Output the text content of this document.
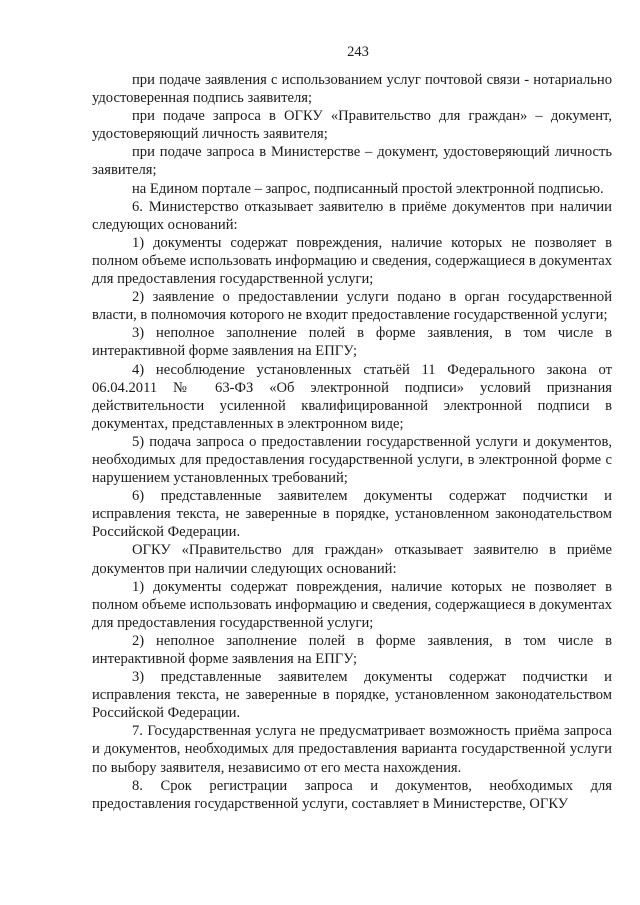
243

при подаче заявления с использованием услуг почтовой связи - нотариально удостоверенная подпись заявителя;

при подаче запроса в ОГКУ «Правительство для граждан» – документ, удостоверяющий личность заявителя;

при подаче запроса в Министерстве – документ, удостоверяющий личность заявителя;

на Едином портале – запрос, подписанный простой электронной подписью.

6. Министерство отказывает заявителю в приёме документов при наличии следующих оснований:

1) документы содержат повреждения, наличие которых не позволяет в полном объеме использовать информацию и сведения, содержащиеся в документах для предоставления государственной услуги;

2) заявление о предоставлении услуги подано в орган государственной власти, в полномочия которого не входит предоставление государственной услуги;

3) неполное заполнение полей в форме заявления, в том числе в интерактивной форме заявления на ЕПГУ;

4) несоблюдение установленных статьёй 11 Федерального закона от 06.04.2011 № 63-ФЗ «Об электронной подписи» условий признания действительности усиленной квалифицированной электронной подписи в документах, представленных в электронном виде;

5) подача запроса о предоставлении государственной услуги и документов, необходимых для предоставления государственной услуги, в электронной форме с нарушением установленных требований;

6) представленные заявителем документы содержат подчистки и исправления текста, не заверенные в порядке, установленном законодательством Российской Федерации.

ОГКУ «Правительство для граждан» отказывает заявителю в приёме документов при наличии следующих оснований:

1) документы содержат повреждения, наличие которых не позволяет в полном объеме использовать информацию и сведения, содержащиеся в документах для предоставления государственной услуги;

2) неполное заполнение полей в форме заявления, в том числе в интерактивной форме заявления на ЕПГУ;

3) представленные заявителем документы содержат подчистки и исправления текста, не заверенные в порядке, установленном законодательством Российской Федерации.

7. Государственная услуга не предусматривает возможность приёма запроса и документов, необходимых для предоставления варианта государственной услуги по выбору заявителя, независимо от его места нахождения.

8. Срок регистрации запроса и документов, необходимых для предоставления государственной услуги, составляет в Министерстве, ОГКУ
